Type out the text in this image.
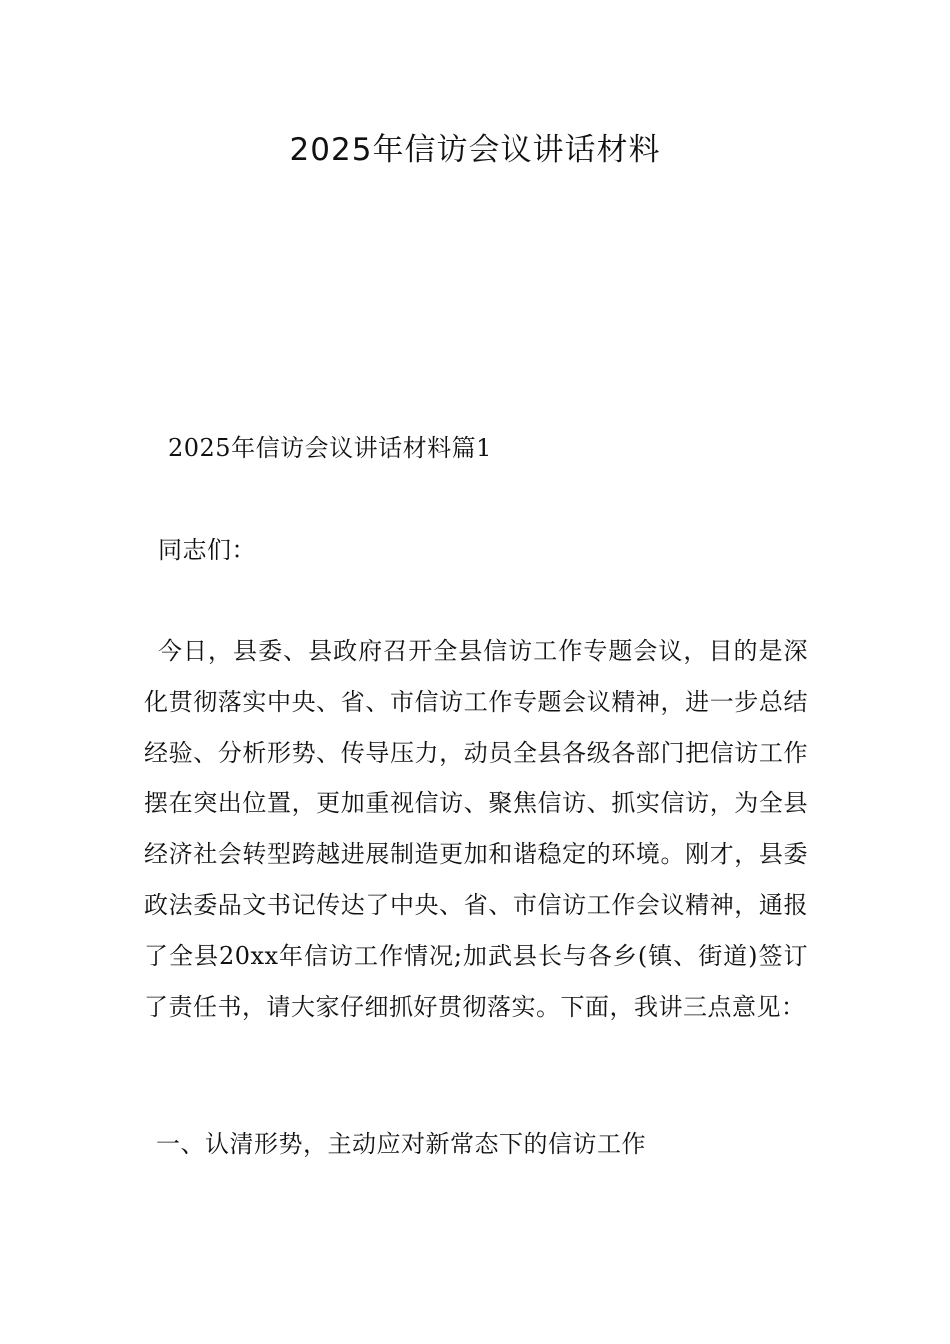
2025年信访会议讲话材料

2025年信访会议讲话材料篇1

同志们：

今日，县委、县政府召开全县信访工作专题会议，目的是深化贯彻落实中央、省、市信访工作专题会议精神，进一步总结经验、分析形势、传导压力，动员全县各级各部门把信访工作摆在突出位置，更加重视信访、聚焦信访、抓实信访，为全县经济社会转型跨越进展制造更加和谐稳定的环境。刚才，县委政法委品文书记传达了中央、省、市信访工作会议精神，通报了全县20xx年信访工作情况;加武县长与各乡(镇、街道)签订了责任书，请大家仔细抓好贯彻落实。下面，我讲三点意见：

一、认清形势，主动应对新常态下的信访工作
